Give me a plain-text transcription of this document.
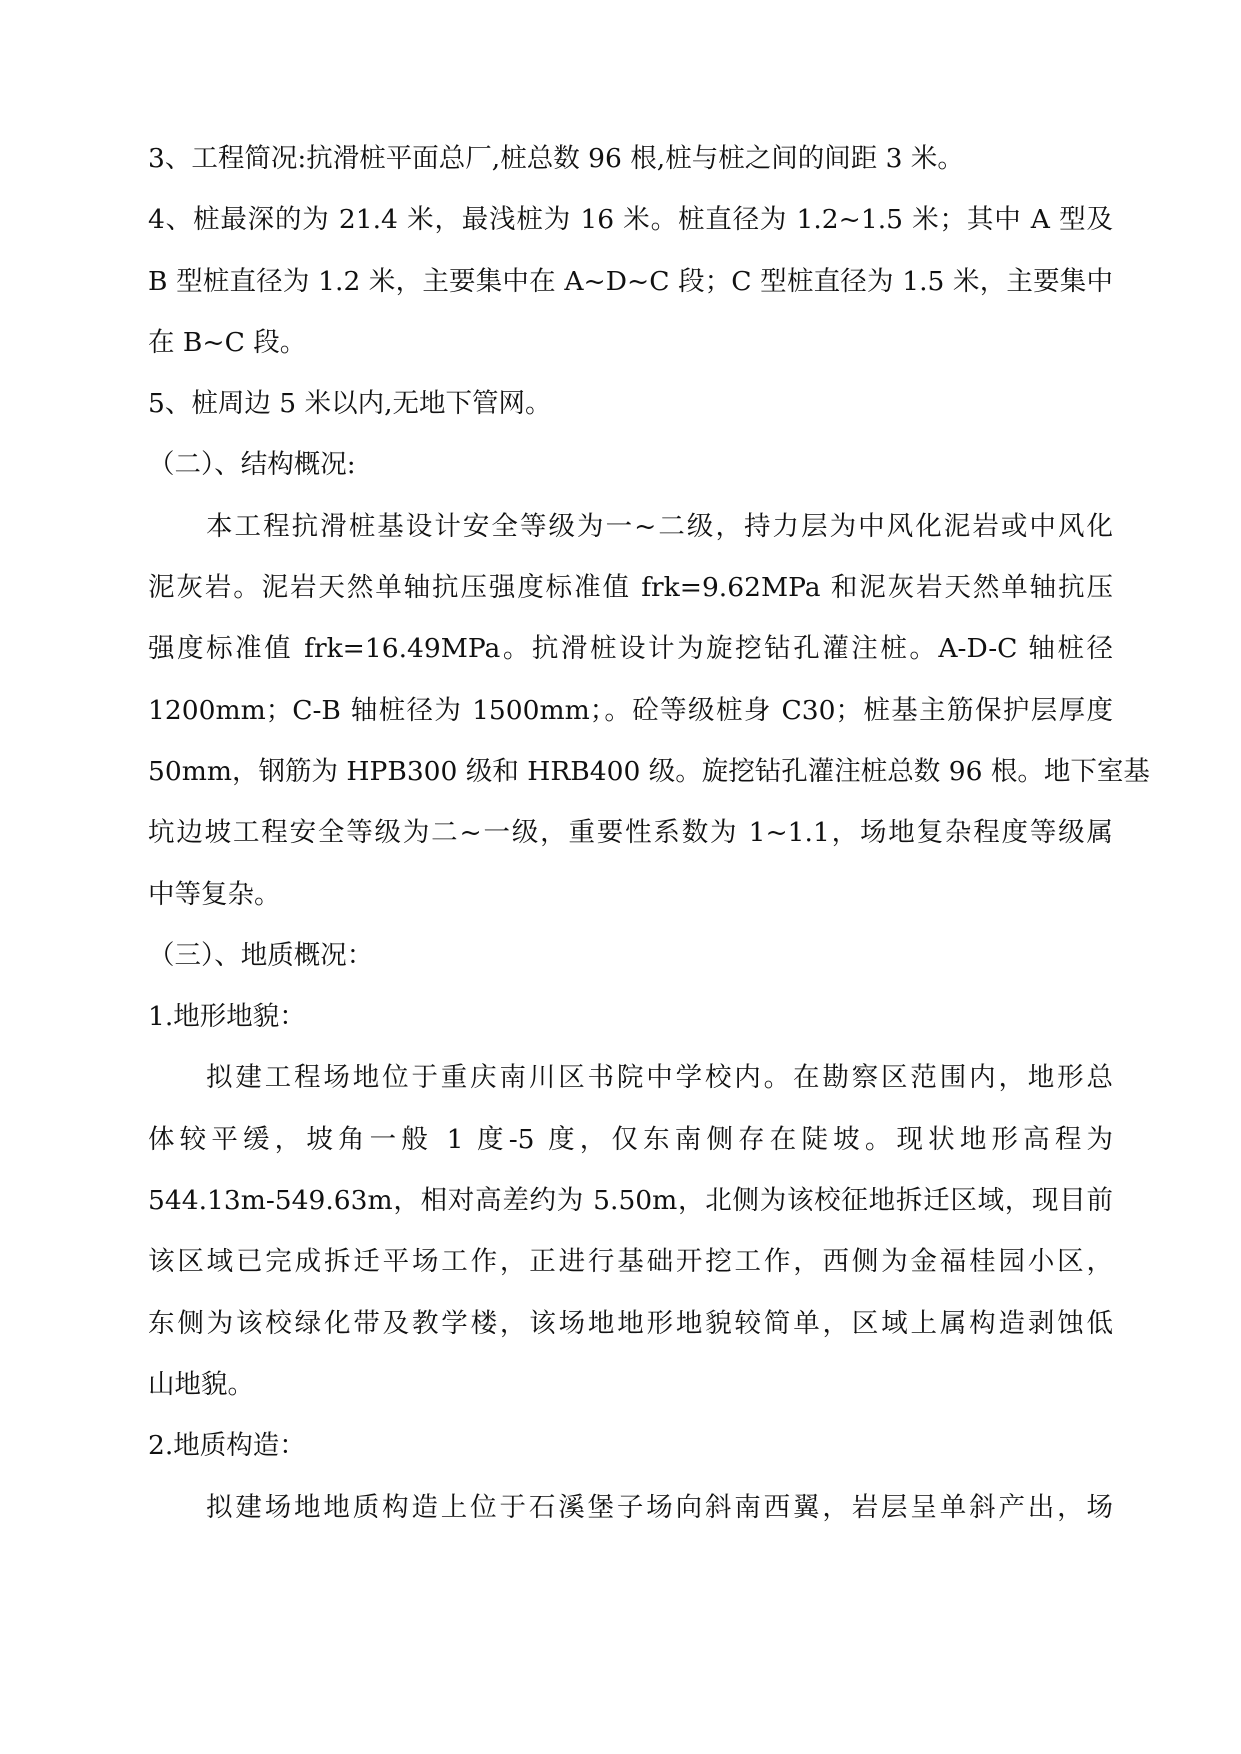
3、工程简况:抗滑桩平面总厂,桩总数 96 根,桩与桩之间的间距 3 米。
4、桩最深的为 21.4 米，最浅桩为 16 米。桩直径为 1.2~1.5 米；其中 A 型及
B 型桩直径为 1.2 米，主要集中在 A~D~C 段；C 型桩直径为 1.5 米，主要集中
在 B~C 段。
5、桩周边 5 米以内,无地下管网。
（二）、结构概况:
本工程抗滑桩基设计安全等级为一~二级，持力层为中风化泥岩或中风化
泥灰岩。泥岩天然单轴抗压强度标准值 frk=9.62MPa 和泥灰岩天然单轴抗压
强度标准值 frk=16.49MPa。抗滑桩设计为旋挖钻孔灌注桩。A-D-C 轴桩径
1200mm；C-B 轴桩径为 1500mm；。砼等级桩身 C30；桩基主筋保护层厚度
50mm，钢筋为 HPB300 级和 HRB400 级。旋挖钻孔灌注桩总数 96 根。地下室基
坑边坡工程安全等级为二~一级，重要性系数为 1~1.1，场地复杂程度等级属
中等复杂。
（三）、地质概况：
1.地形地貌：
拟建工程场地位于重庆南川区书院中学校内。在勘察区范围内，地形总
体较平缓，坡角一般 1 度-5 度，仅东南侧存在陡坡。现状地形高程为
544.13m-549.63m，相对高差约为 5.50m，北侧为该校征地拆迁区域，现目前
该区域已完成拆迁平场工作，正进行基础开挖工作，西侧为金福桂园小区，
东侧为该校绿化带及教学楼，该场地地形地貌较简单，区域上属构造剥蚀低
山地貌。
2.地质构造：
拟建场地地质构造上位于石溪堡子场向斜南西翼，岩层呈单斜产出，场
